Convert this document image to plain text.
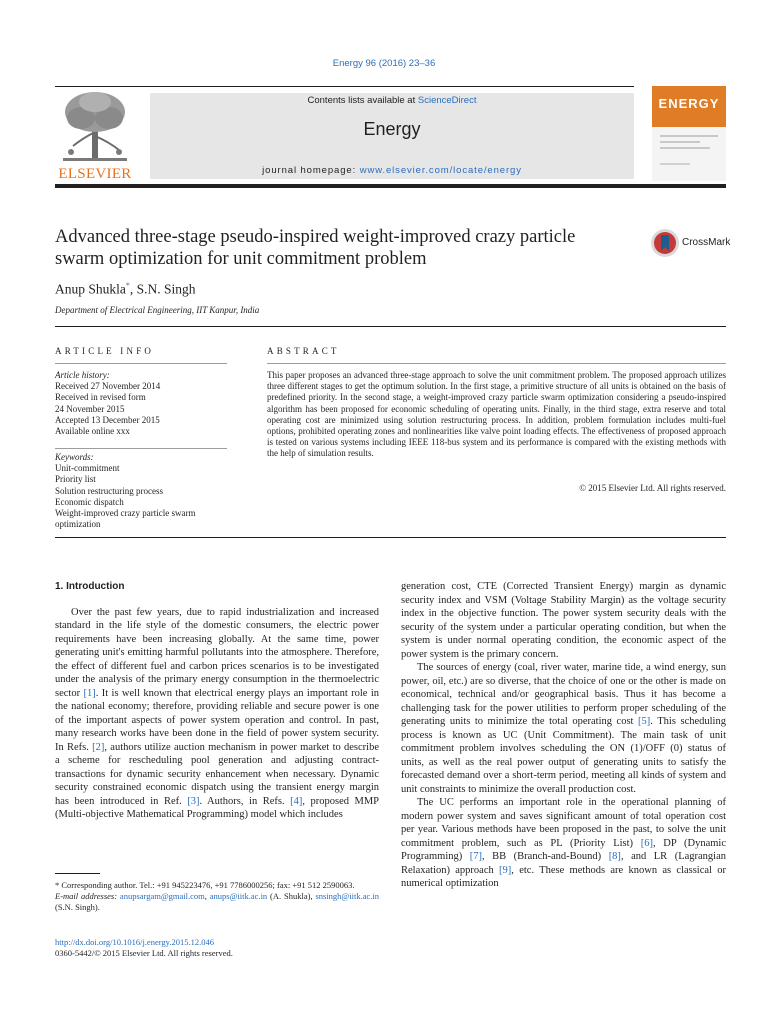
Energy 96 (2016) 23–36
ELSEVIER
Contents lists available at ScienceDirect
Energy
journal homepage: www.elsevier.com/locate/energy
ENERGY
Advanced three-stage pseudo-inspired weight-improved crazy particle swarm optimization for unit commitment problem
CrossMark
Anup Shukla*, S.N. Singh
Department of Electrical Engineering, IIT Kanpur, India
ARTICLE INFO
Article history:
Received 27 November 2014
Received in revised form
24 November 2015
Accepted 13 December 2015
Available online xxx
Keywords:
Unit-commitment
Priority list
Solution restructuring process
Economic dispatch
Weight-improved crazy particle swarm optimization
ABSTRACT
This paper proposes an advanced three-stage approach to solve the unit commitment problem. The proposed approach utilizes three different stages to get the optimum solution. In the first stage, a primitive structure of all units is obtained on the basis of predefined priority. In the second stage, a weight-improved crazy particle swarm optimization considering a pseudo-inspired algorithm has been proposed for economic scheduling of operating units. Finally, in the third stage, extra reserve and total operating cost are minimized using solution restructuring process. In addition, problem formulation includes multi-fuel options, prohibited operating zones and nonlinearities like valve point loading effects. The effectiveness of proposed approach is tested on various systems including IEEE 118-bus system and its performance is compared with the existing methods with the help of simulation results.
© 2015 Elsevier Ltd. All rights reserved.

1. Introduction

Over the past few years, due to rapid industrialization and increased standard in the life style of the domestic consumers, the electric power requirements have been increasing globally. At the same time, power generating unit's emitting harmful pollutants into the atmosphere. Therefore, the effect of different fuel and carbon prices scenarios is to be investigated under the analysis of the primary energy consumption in the thermoelectric sector [1]. It is well known that electrical energy plays an important role in the national economy; therefore, providing reliable and secure power is one of the important aspects of power system operation and control. In past, many research works have been done in the field of power system security. In Refs. [2], authors utilize auction mechanism in power market to describe a scheme for rescheduling pool generation and adjusting contract-transactions for dynamic security enhancement when necessary. Dynamic security constrained economic dispatch using the transient energy margin has been introduced in Ref. [3]. Authors, in Refs. [4], proposed MMP (Multi-objective Mathematical Programming) model which includes

generation cost, CTE (Corrected Transient Energy) margin as dynamic security index and VSM (Voltage Stability Margin) as the voltage security index in the objective function. The power system security deals with the security of the system under a particular operating condition, but when the system is under normal operating condition, the economic aspect of the power system is the primary concern.

The sources of energy (coal, river water, marine tide, a wind energy, sun power, oil, etc.) are so diverse, that the choice of one or the other is made on economical, technical and/or geographical basis. Thus it has become a challenging task for the power utilities to perform proper scheduling of the generating units to minimize the total operating cost [5]. This scheduling process is known as UC (Unit Commitment). The main task of unit commitment problem involves scheduling the ON (1)/OFF (0) status of units, as well as the real power output of generating units to satisfy the forecasted demand over a short-term period, meeting all kinds of system and unit constraints to minimize the overall production cost.

The UC performs an important role in the operational planning of modern power system and saves significant amount of total operation cost per year. Various methods have been proposed in the past, to solve the unit commitment problem, such as PL (Priority List) [6], DP (Dynamic Programming) [7], BB (Branch-and-Bound) [8], and LR (Lagrangian Relaxation) approach [9], etc. These methods are known as classical or numerical optimization

* Corresponding author. Tel.: +91 945223476, +91 7786000256; fax: +91 512 2590063.
E-mail addresses: anupsargam@gmail.com, anups@iitk.ac.in (A. Shukla), snsingh@iitk.ac.in (S.N. Singh).
http://dx.doi.org/10.1016/j.energy.2015.12.046
0360-5442/© 2015 Elsevier Ltd. All rights reserved.
